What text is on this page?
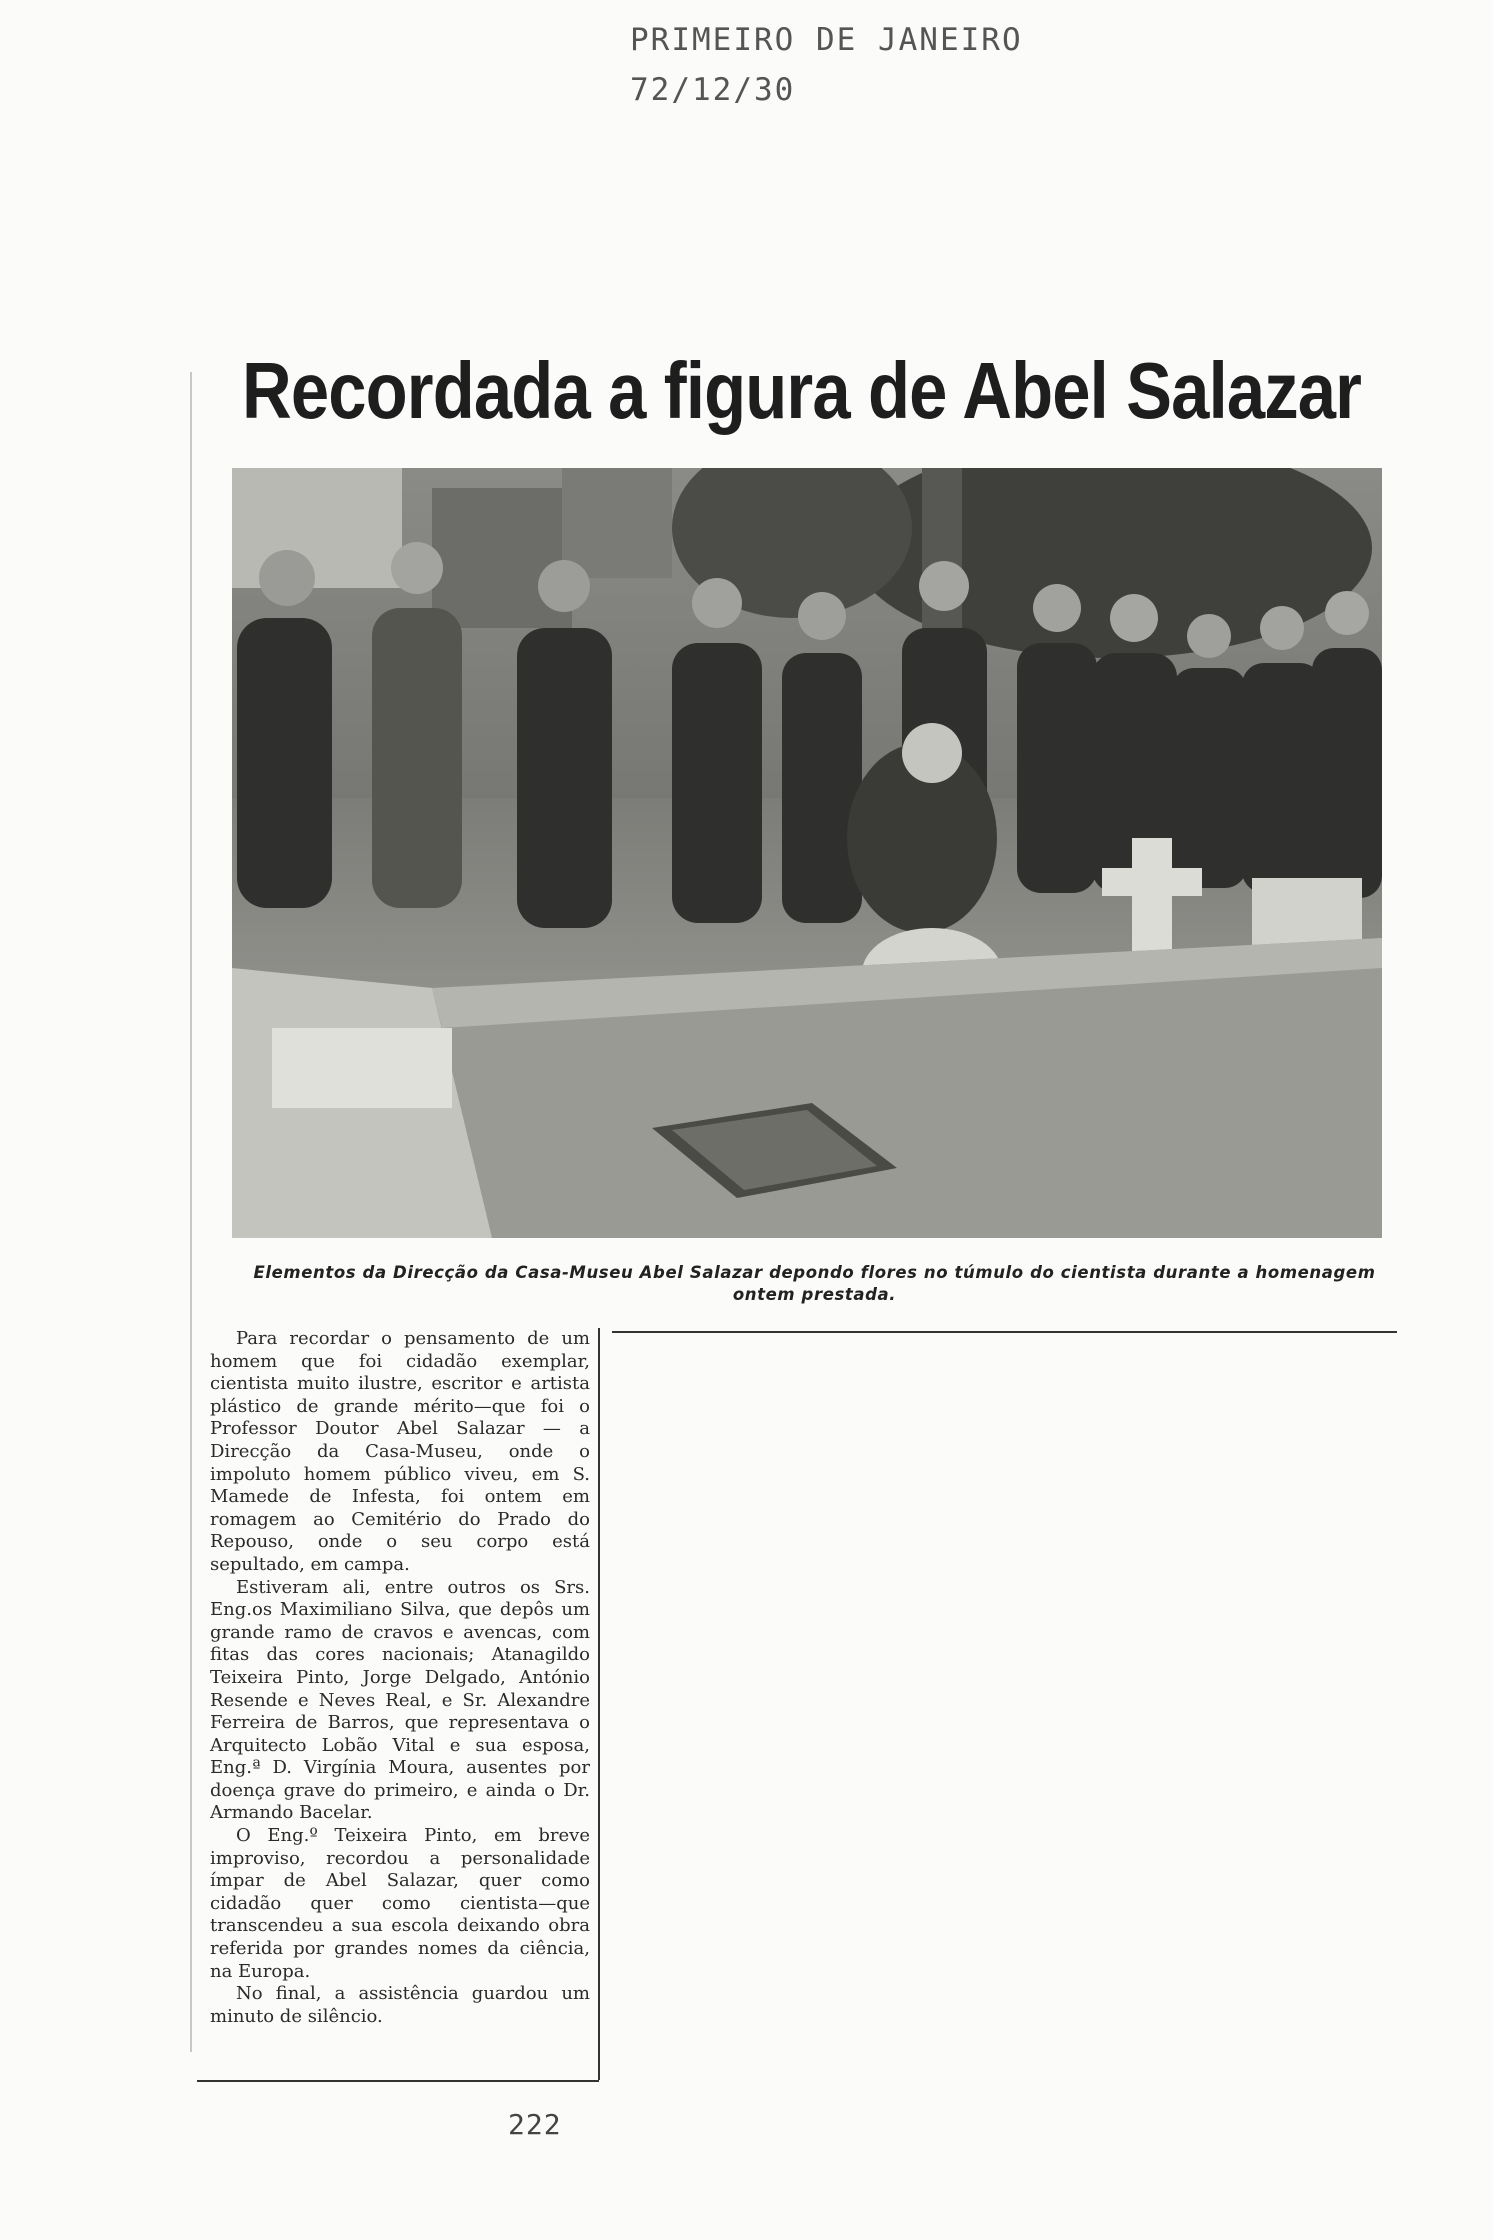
PRIMEIRO DE JANEIRO
72/12/30
Recordada a figura de Abel Salazar
Elementos da Direcção da Casa-Museu Abel Salazar depondo flores no túmulo do cientista durante a homenagem
ontem prestada.

Para recordar o pensamento de um homem que foi cidadão exemplar, cientista muito ilustre, escritor e artista plástico de grande mérito—que foi o Professor Doutor Abel Salazar — a Direcção da Casa-Museu, onde o impoluto homem público viveu, em S. Mamede de Infesta, foi ontem em romagem ao Cemitério do Prado do Repouso, onde o seu corpo está sepultado, em campa.

Estiveram ali, entre outros os Srs. Eng.os Maximiliano Silva, que depôs um grande ramo de cravos e avencas, com fitas das cores nacionais; Atanagildo Teixeira Pinto, Jorge Delgado, António Resende e Neves Real, e Sr. Alexandre Ferreira de Barros, que representava o Arquitecto Lobão Vital e sua esposa, Eng.ª D. Virgínia Moura, ausentes por doença grave do primeiro, e ainda o Dr. Armando Bacelar.

O Eng.º Teixeira Pinto, em breve improviso, recordou a personalidade ímpar de Abel Salazar, quer como cidadão quer como cientista—que transcendeu a sua escola deixando obra referida por grandes nomes da ciência, na Europa.

No final, a assistência guardou um minuto de silêncio.

222
